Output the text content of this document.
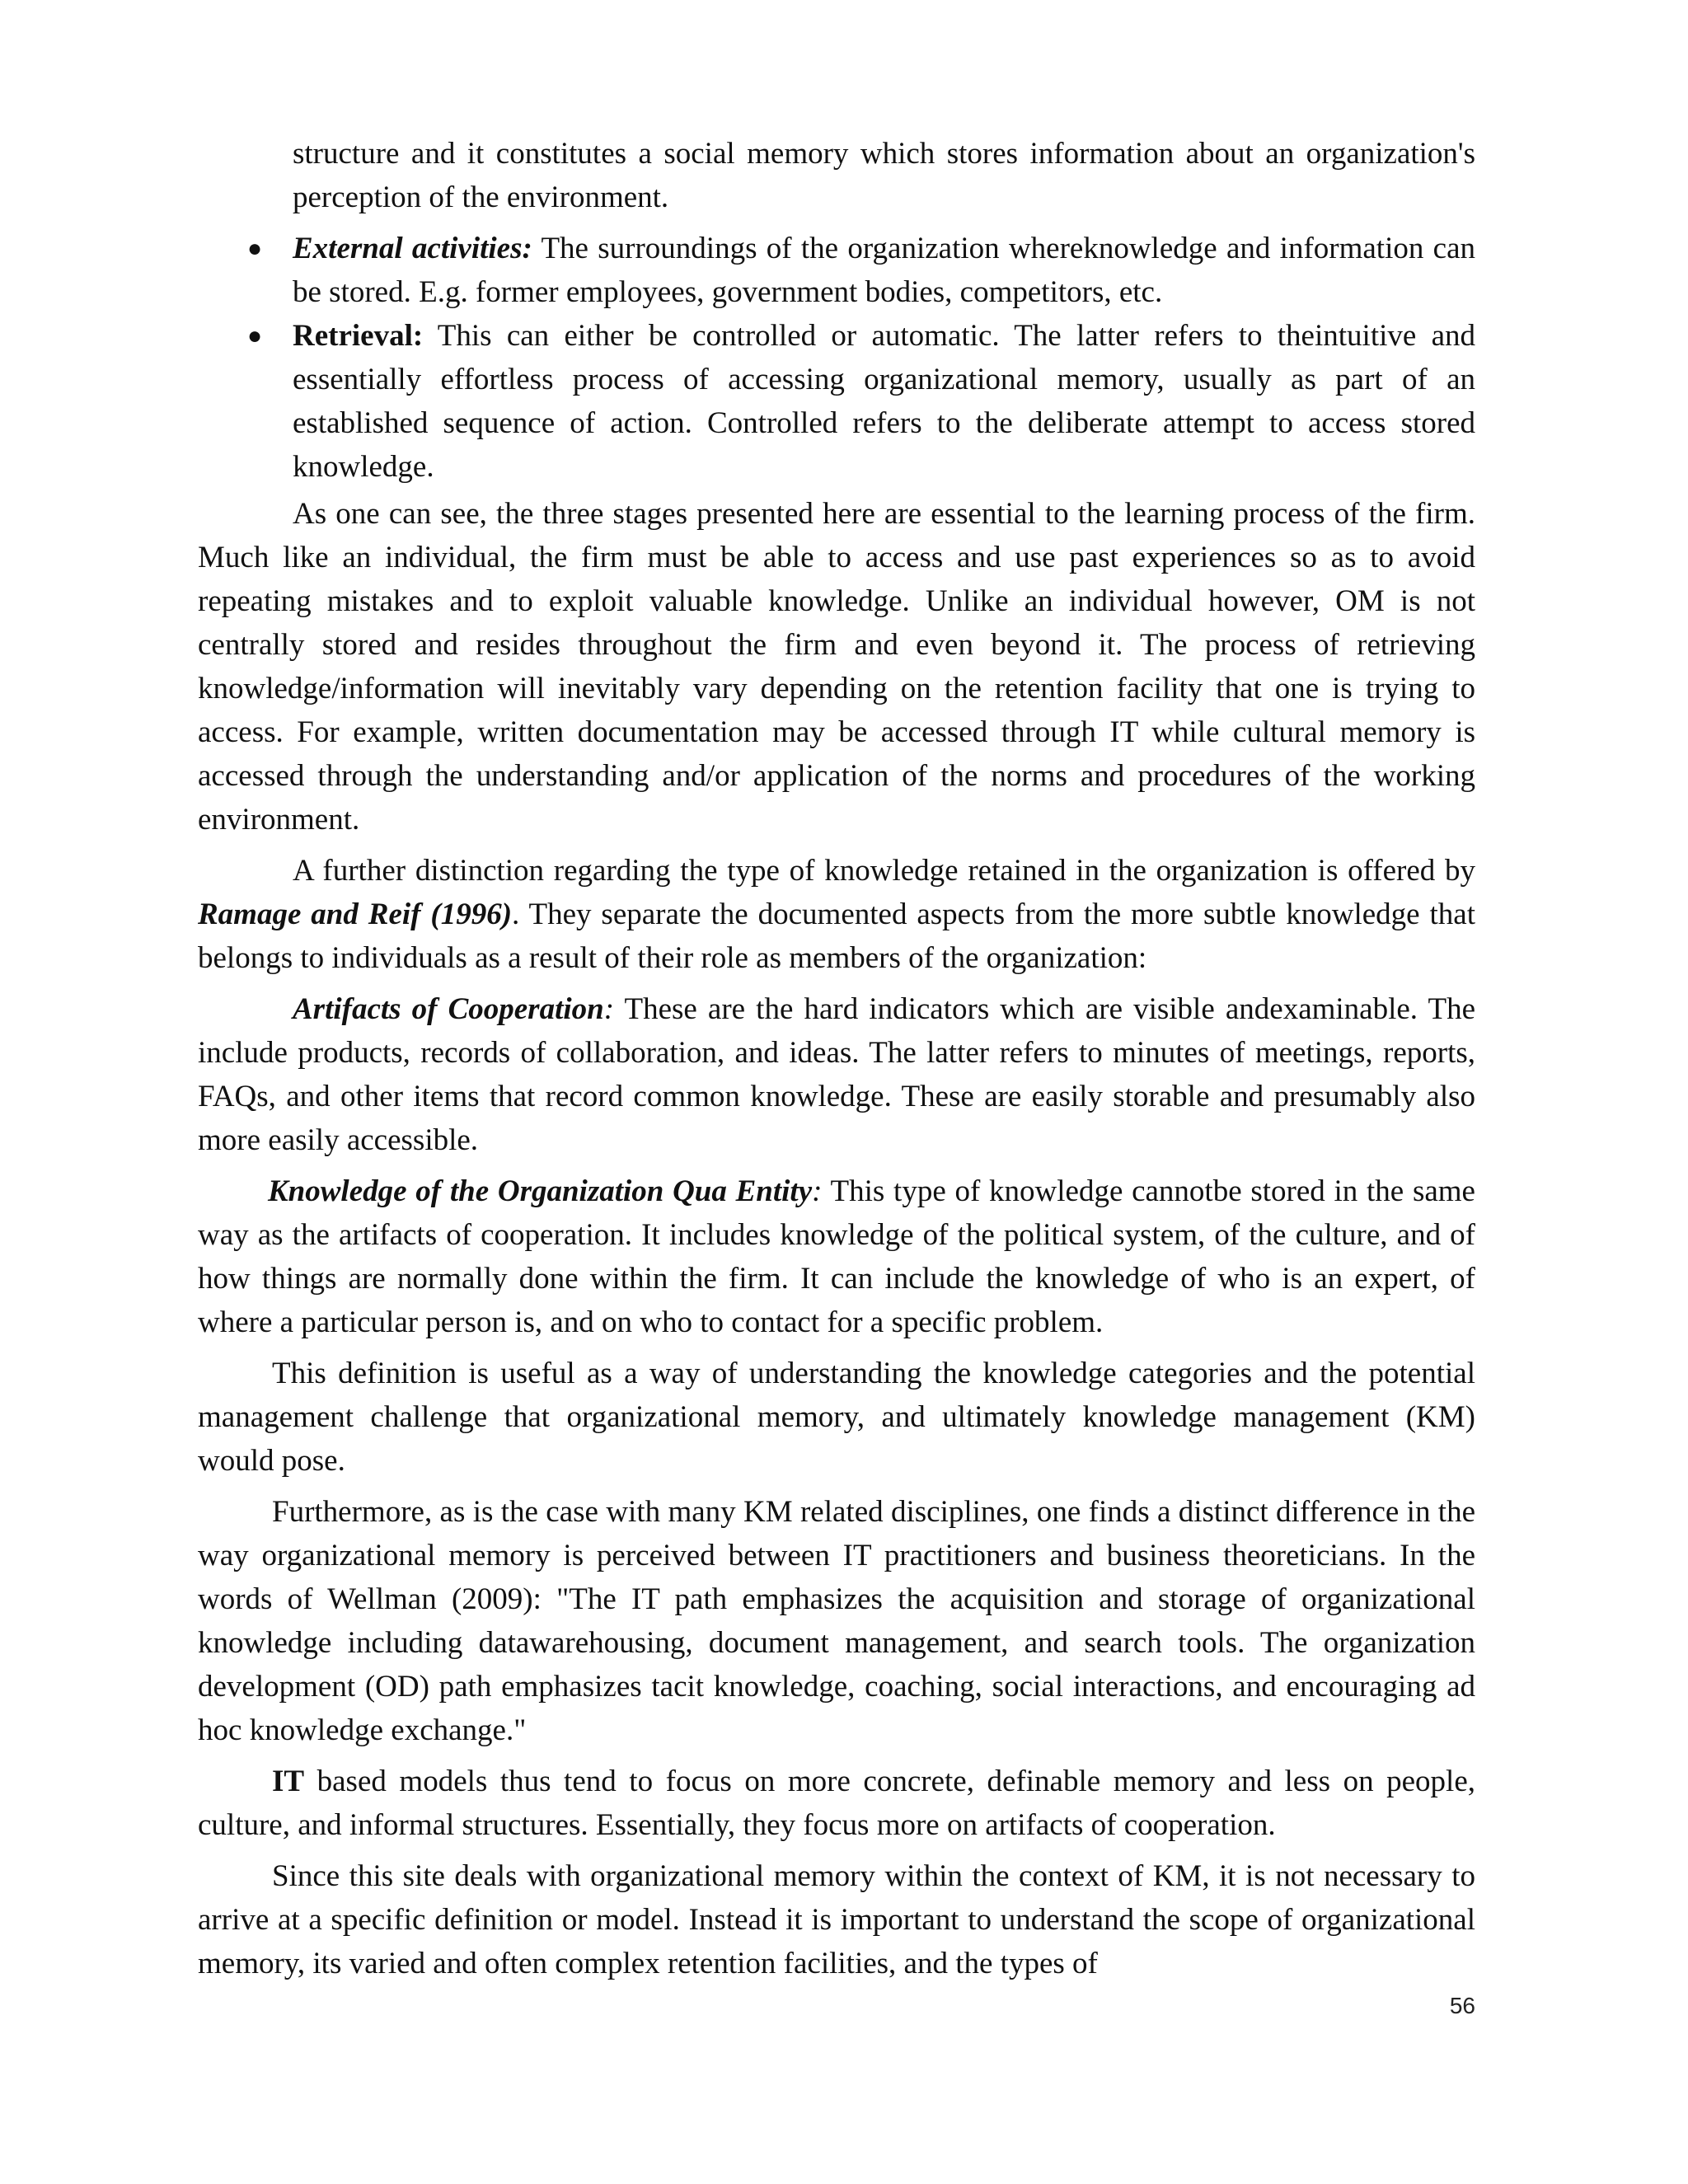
structure and it constitutes a social memory which stores information about an organization's perception of the environment.

● External activities: The surroundings of the organization whereknowledge and information can be stored. E.g. former employees, government bodies, competitors, etc.
● Retrieval: This can either be controlled or automatic. The latter refers to theintuitive and essentially effortless process of accessing organizational memory, usually as part of an established sequence of action. Controlled refers to the deliberate attempt to access stored knowledge.

As one can see, the three stages presented here are essential to the learning process of the firm. Much like an individual, the firm must be able to access and use past experiences so as to avoid repeating mistakes and to exploit valuable knowledge. Unlike an individual however, OM is not centrally stored and resides throughout the firm and even beyond it. The process of retrieving knowledge/information will inevitably vary depending on the retention facility that one is trying to access. For example, written documentation may be accessed through IT while cultural memory is accessed through the understanding and/or application of the norms and procedures of the working environment.

A further distinction regarding the type of knowledge retained in the organization is offered by Ramage and Reif (1996). They separate the documented aspects from the more subtle knowledge that belongs to individuals as a result of their role as members of the organization:

Artifacts of Cooperation: These are the hard indicators which are visible andexaminable. The include products, records of collaboration, and ideas. The latter refers to minutes of meetings, reports, FAQs, and other items that record common knowledge. These are easily storable and presumably also more easily accessible.

Knowledge of the Organization Qua Entity: This type of knowledge cannotbe stored in the same way as the artifacts of cooperation. It includes knowledge of the political system, of the culture, and of how things are normally done within the firm. It can include the knowledge of who is an expert, of where a particular person is, and on who to contact for a specific problem.

This definition is useful as a way of understanding the knowledge categories and the potential management challenge that organizational memory, and ultimately knowledge management (KM) would pose.

Furthermore, as is the case with many KM related disciplines, one finds a distinct difference in the way organizational memory is perceived between IT practitioners and business theoreticians. In the words of Wellman (2009): "The IT path emphasizes the acquisition and storage of organizational knowledge including datawarehousing, document management, and search tools. The organization development (OD) path emphasizes tacit knowledge, coaching, social interactions, and encouraging ad hoc knowledge exchange."

IT based models thus tend to focus on more concrete, definable memory and less on people, culture, and informal structures. Essentially, they focus more on artifacts of cooperation.

Since this site deals with organizational memory within the context of KM, it is not necessary to arrive at a specific definition or model. Instead it is important to understand the scope of organizational memory, its varied and often complex retention facilities, and the types of

56
